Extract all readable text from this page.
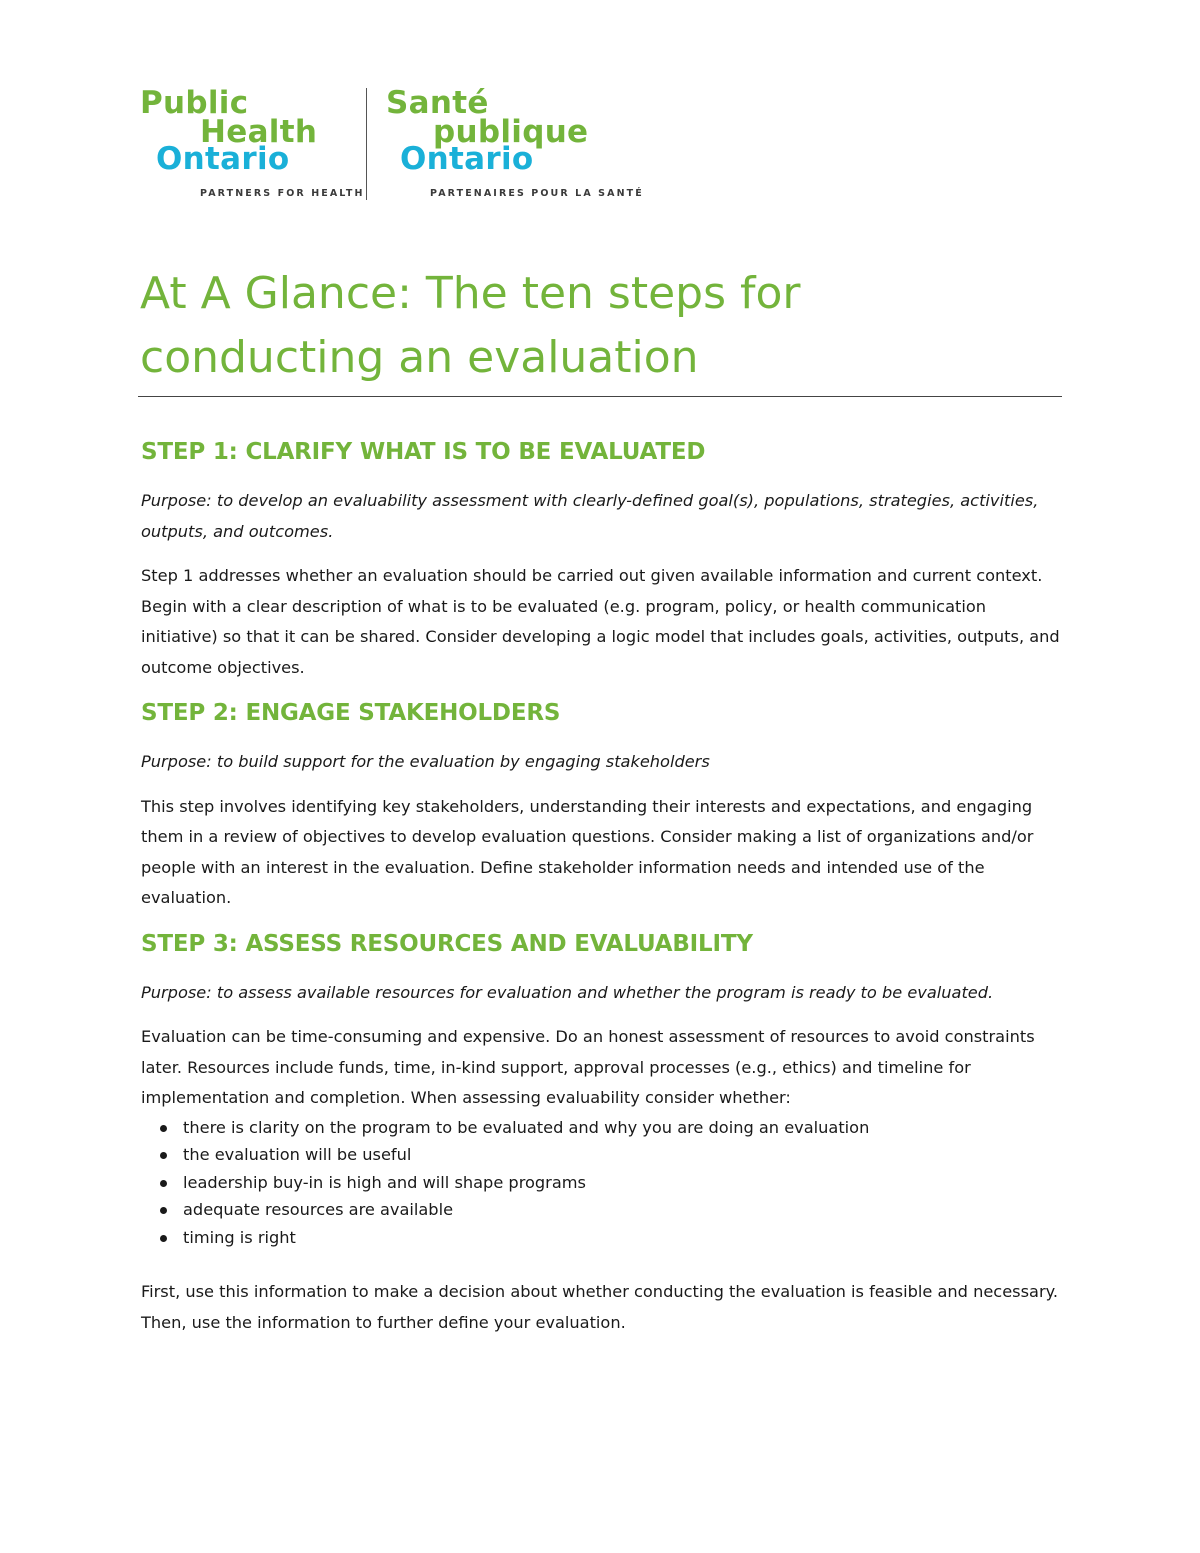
Public
Health
Ontario
PARTNERS FOR HEALTH
Santé
publique
Ontario
PARTENAIRES POUR LA SANTÉ
At A Glance: The ten steps for
conducting an evaluation
STEP 1: CLARIFY WHAT IS TO BE EVALUATED

Purpose: to develop an evaluability assessment with clearly-defined goal(s), populations, strategies, activities, outputs, and outcomes.

Step 1 addresses whether an evaluation should be carried out given available information and current context. Begin with a clear description of what is to be evaluated (e.g. program, policy, or health communication initiative) so that it can be shared. Consider developing a logic model that includes goals, activities, outputs, and outcome objectives.

STEP 2: ENGAGE STAKEHOLDERS

Purpose: to build support for the evaluation by engaging stakeholders

This step involves identifying key stakeholders, understanding their interests and expectations, and engaging them in a review of objectives to develop evaluation questions. Consider making a list of organizations and/or people with an interest in the evaluation. Define stakeholder information needs and intended use of the evaluation.

STEP 3: ASSESS RESOURCES AND EVALUABILITY

Purpose: to assess available resources for evaluation and whether the program is ready to be evaluated.

Evaluation can be time-consuming and expensive. Do an honest assessment of resources to avoid constraints later. Resources include funds, time, in-kind support, approval processes (e.g., ethics) and timeline for implementation and completion. When assessing evaluability consider whether:

there is clarity on the program to be evaluated and why you are doing an evaluation
the evaluation will be useful
leadership buy-in is high and will shape programs
adequate resources are available
timing is right

First, use this information to make a decision about whether conducting the evaluation is feasible and necessary. Then, use the information to further define your evaluation.
